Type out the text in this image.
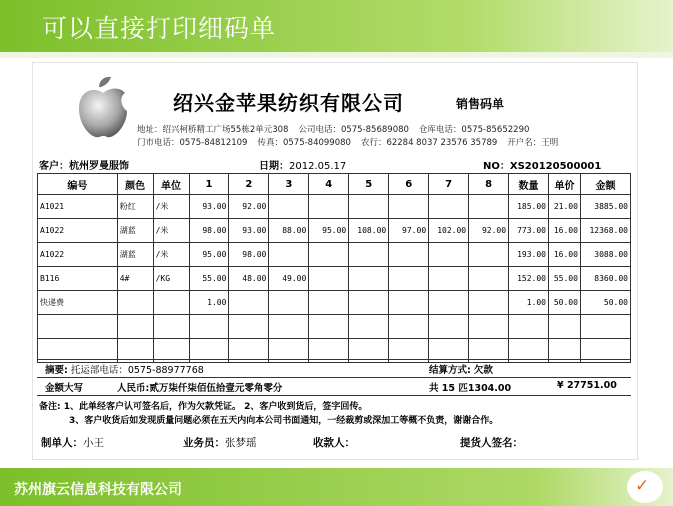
可以直接打印细码单
绍兴金苹果纺织有限公司	销售码单
地址：绍兴柯桥精工广场55栋2单元308 公司电话：0575-85689080 仓库电话：0575-85652290
门市电话：0575-84812109 传真：0575-84099080 农行：62284 8037 23576 35789 开户名：王明
客户：杭州罗曼服饰	日期：2012.05.17	NO：XS20120500001
编号	颜色	单位	1	2	3	4	5	6	7	8	数量	单价	金额
A1021	粉红	/米	93.00	92.00							185.00	21.00	3885.00
A1022	湖蓝	/米	98.00	93.00	88.00	95.00	108.00	97.00	102.00	92.00	773.00	16.00	12368.00
A1022	湖蓝	/米	95.00	98.00							193.00	16.00	3088.00
B116	4#	/KG	55.00	48.00	49.00						152.00	55.00	8360.00
快递费			1.00								1.00	50.00	50.00

摘要: 托运部电话：0575-88977768	结算方式: 欠款
金额大写	人民币:贰万柒仟柒佰伍拾壹元零角零分	共 15 匹1304.00	¥ 27751.00
备注: 1、此单经客户认可签名后，作为欠款凭证。 2、客户收到货后，签字回传。
3、客户收货后如发现质量问题必须在五天内向本公司书面通知，一经裁剪或深加工等概不负责，谢谢合作。
制单人：小王	业务员：张梦瑶	收款人：	提货人签名：
苏州旗云信息科技有限公司	✓
